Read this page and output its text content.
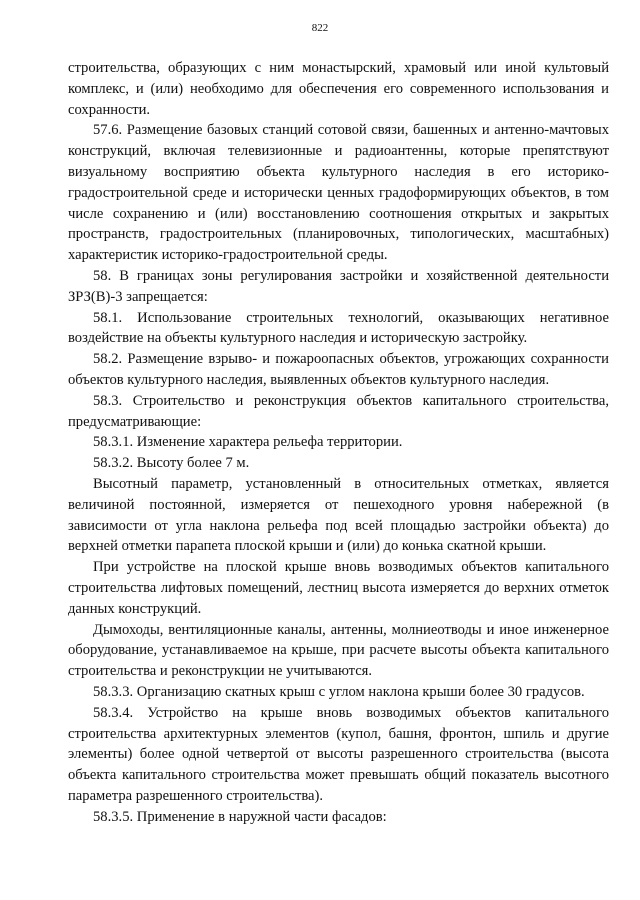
822

строительства, образующих с ним монастырский, храмовый или иной культовый комплекс, и (или) необходимо для обеспечения его современного использования и сохранности.

57.6. Размещение базовых станций сотовой связи, башенных и антенно-мачтовых конструкций, включая телевизионные и радиоантенны, которые препятствуют визуальному восприятию объекта культурного наследия в его историко-градостроительной среде и исторически ценных градоформирующих объектов, в том числе сохранению и (или) восстановлению соотношения открытых и закрытых пространств, градостроительных (планировочных, типологических, масштабных) характеристик историко-градостроительной среды.

58. В границах зоны регулирования застройки и хозяйственной деятельности ЗРЗ(В)-3 запрещается:

58.1. Использование строительных технологий, оказывающих негативное воздействие на объекты культурного наследия и историческую застройку.

58.2. Размещение взрыво- и пожароопасных объектов, угрожающих сохранности объектов культурного наследия, выявленных объектов культурного наследия.

58.3. Строительство и реконструкция объектов капитального строительства, предусматривающие:

58.3.1. Изменение характера рельефа территории.

58.3.2. Высоту более 7 м.

Высотный параметр, установленный в относительных отметках, является величиной постоянной, измеряется от пешеходного уровня набережной (в зависимости от угла наклона рельефа под всей площадью застройки объекта) до верхней отметки парапета плоской крыши и (или) до конька скатной крыши.

При устройстве на плоской крыше вновь возводимых объектов капитального строительства лифтовых помещений, лестниц высота измеряется до верхних отметок данных конструкций.

Дымоходы, вентиляционные каналы, антенны, молниеотводы и иное инженерное оборудование, устанавливаемое на крыше, при расчете высоты объекта капитального строительства и реконструкции не учитываются.

58.3.3. Организацию скатных крыш с углом наклона крыши более 30 градусов.

58.3.4. Устройство на крыше вновь возводимых объектов капитального строительства архитектурных элементов (купол, башня, фронтон, шпиль и другие элементы) более одной четвертой от высоты разрешенного строительства (высота объекта капитального строительства может превышать общий показатель высотного параметра разрешенного строительства).

58.3.5. Применение в наружной части фасадов:
